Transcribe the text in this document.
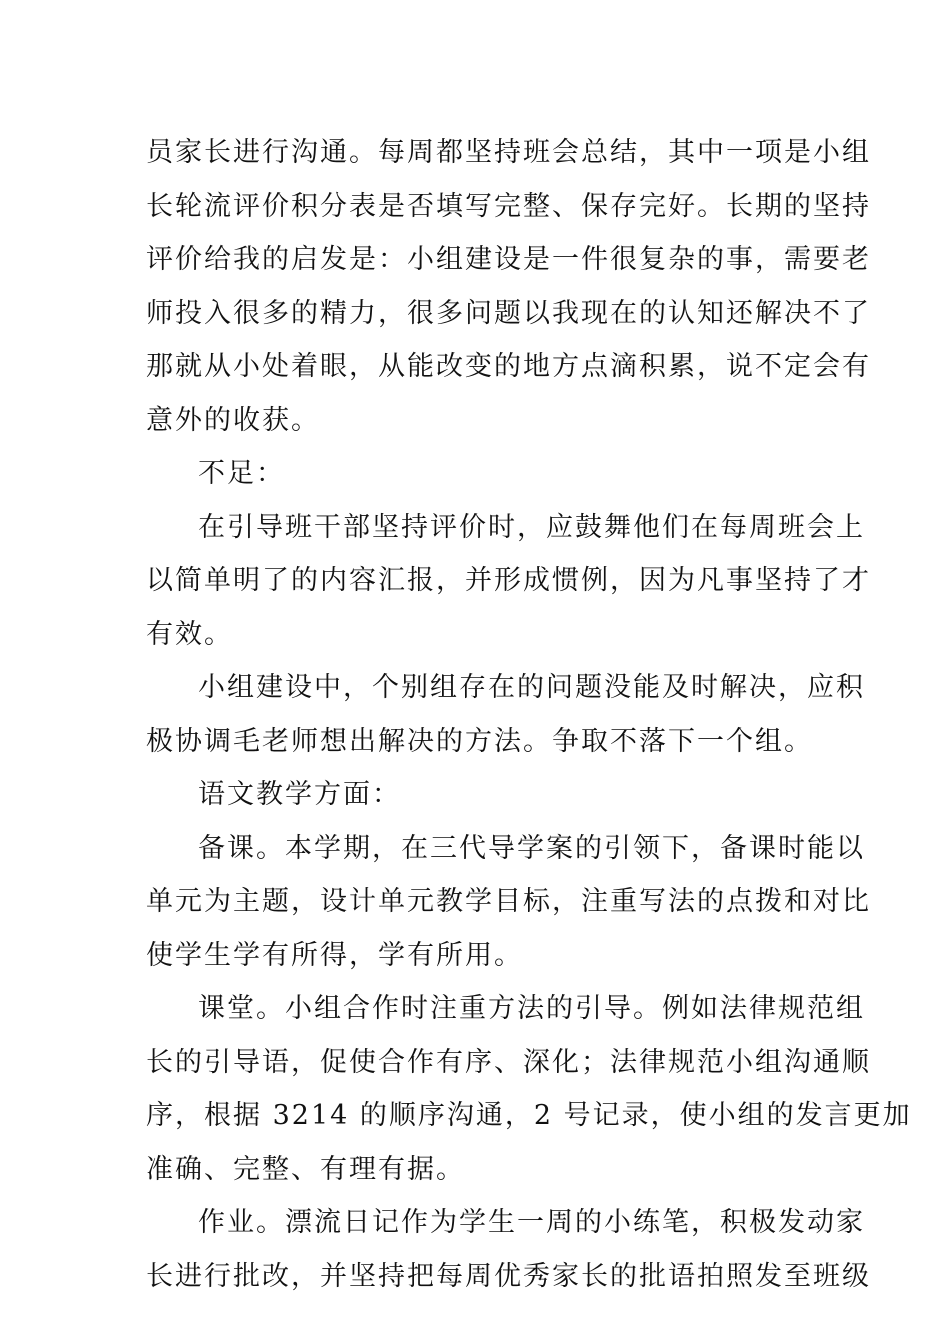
员家长进行沟通。每周都坚持班会总结，其中一项是小组
长轮流评价积分表是否填写完整、保存完好。长期的坚持
评价给我的启发是：小组建设是一件很复杂的事，需要老
师投入很多的精力，很多问题以我现在的认知还解决不了
那就从小处着眼，从能改变的地方点滴积累，说不定会有
意外的收获。
不足：
在引导班干部坚持评价时，应鼓舞他们在每周班会上
以简单明了的内容汇报，并形成惯例，因为凡事坚持了才
有效。
小组建设中，个别组存在的问题没能及时解决，应积
极协调毛老师想出解决的方法。争取不落下一个组。
语文教学方面：
备课。本学期，在三代导学案的引领下，备课时能以
单元为主题，设计单元教学目标，注重写法的点拨和对比
使学生学有所得，学有所用。
课堂。小组合作时注重方法的引导。例如法律规范组
长的引导语，促使合作有序、深化；法律规范小组沟通顺
序，根据 3214 的顺序沟通，2 号记录，使小组的发言更加
准确、完整、有理有据。
作业。漂流日记作为学生一周的小练笔，积极发动家
长进行批改，并坚持把每周优秀家长的批语拍照发至班级
